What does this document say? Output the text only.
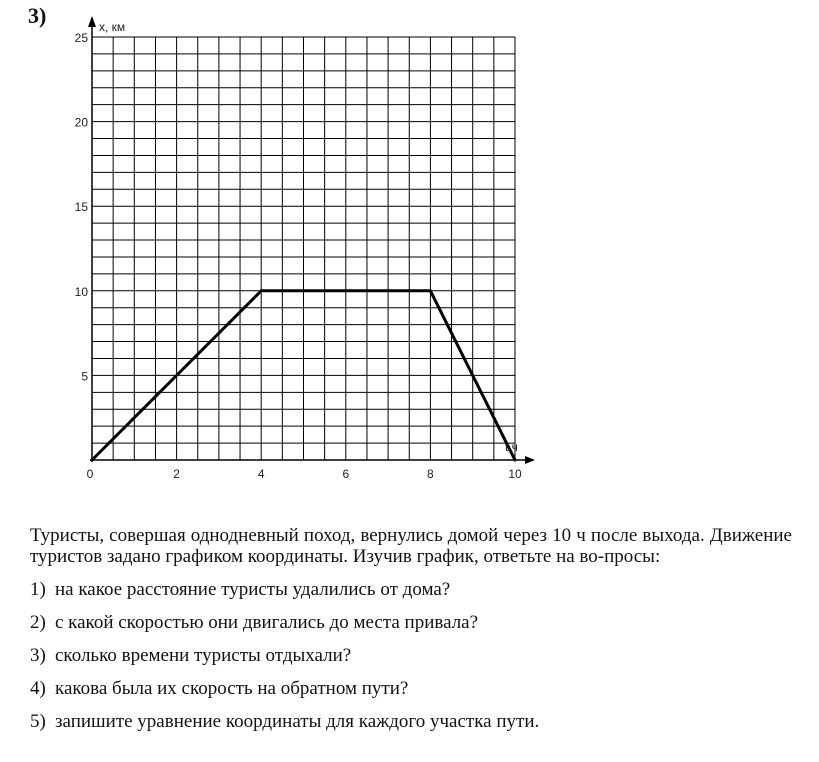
3)
0	2	4	6	8	10
5
10
15
20
25
x, км
t,ч

Туристы, совершая однодневный поход, вернулись домой через 10 ч после выхода. Движение туристов задано графиком координаты. Изучив график, ответьте на во-просы:

1) на какое расстояние туристы удалились от дома?
2) с какой скоростью они двигались до места привала?
3) сколько времени туристы отдыхали?
4) какова была их скорость на обратном пути?
5) запишите уравнение координаты для каждого участка пути.
